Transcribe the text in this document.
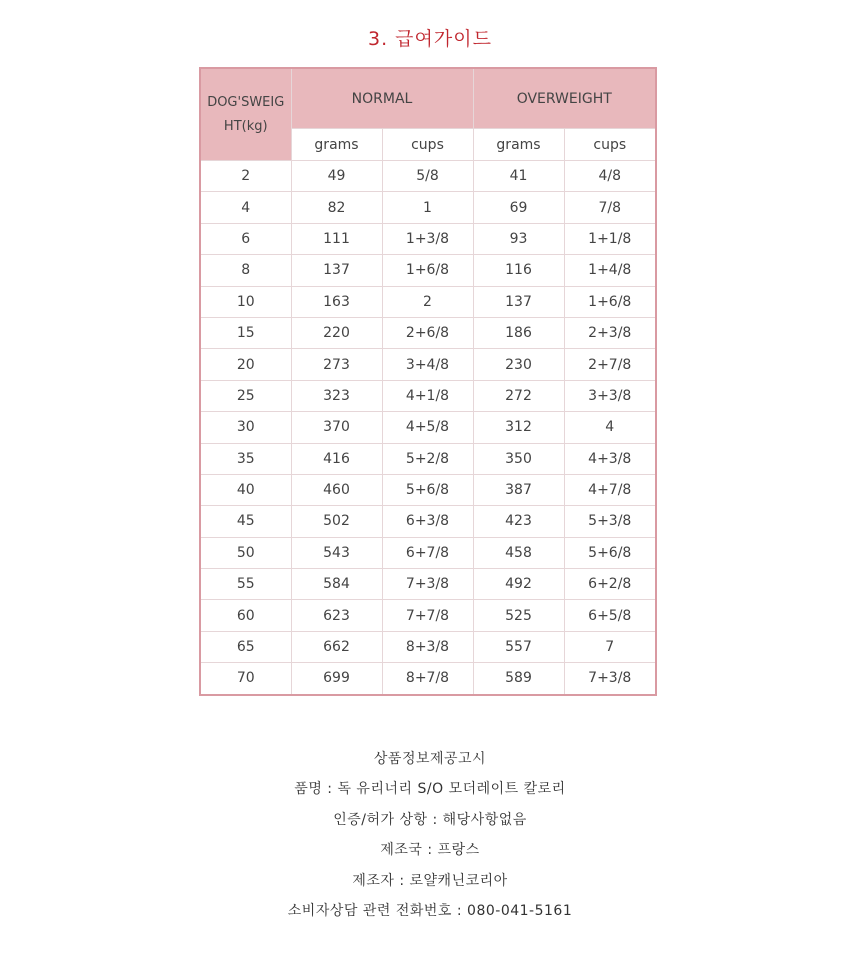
3. 급여가이드
DOG'SWEIG
HT(kg)	NORMAL		OVERWEIGHT	
	grams	cups	grams	cups
2	49	5/8	41	4/8
4	82	1	69	7/8
6	111	1+3/8	93	1+1/8
8	137	1+6/8	116	1+4/8
10	163	2	137	1+6/8
15	220	2+6/8	186	2+3/8
20	273	3+4/8	230	2+7/8
25	323	4+1/8	272	3+3/8
30	370	4+5/8	312	4
35	416	5+2/8	350	4+3/8
40	460	5+6/8	387	4+7/8
45	502	6+3/8	423	5+3/8
50	543	6+7/8	458	5+6/8
55	584	7+3/8	492	6+2/8
60	623	7+7/8	525	6+5/8
65	662	8+3/8	557	7
70	699	8+7/8	589	7+3/8
상품정보제공고시
품명 : 독 유리너리 S/O 모더레이트 칼로리
인증/허가 상항 : 해당사항없음
제조국 : 프랑스
제조자 : 로얄캐닌코리아
소비자상담 관련 전화번호 : 080-041-5161
